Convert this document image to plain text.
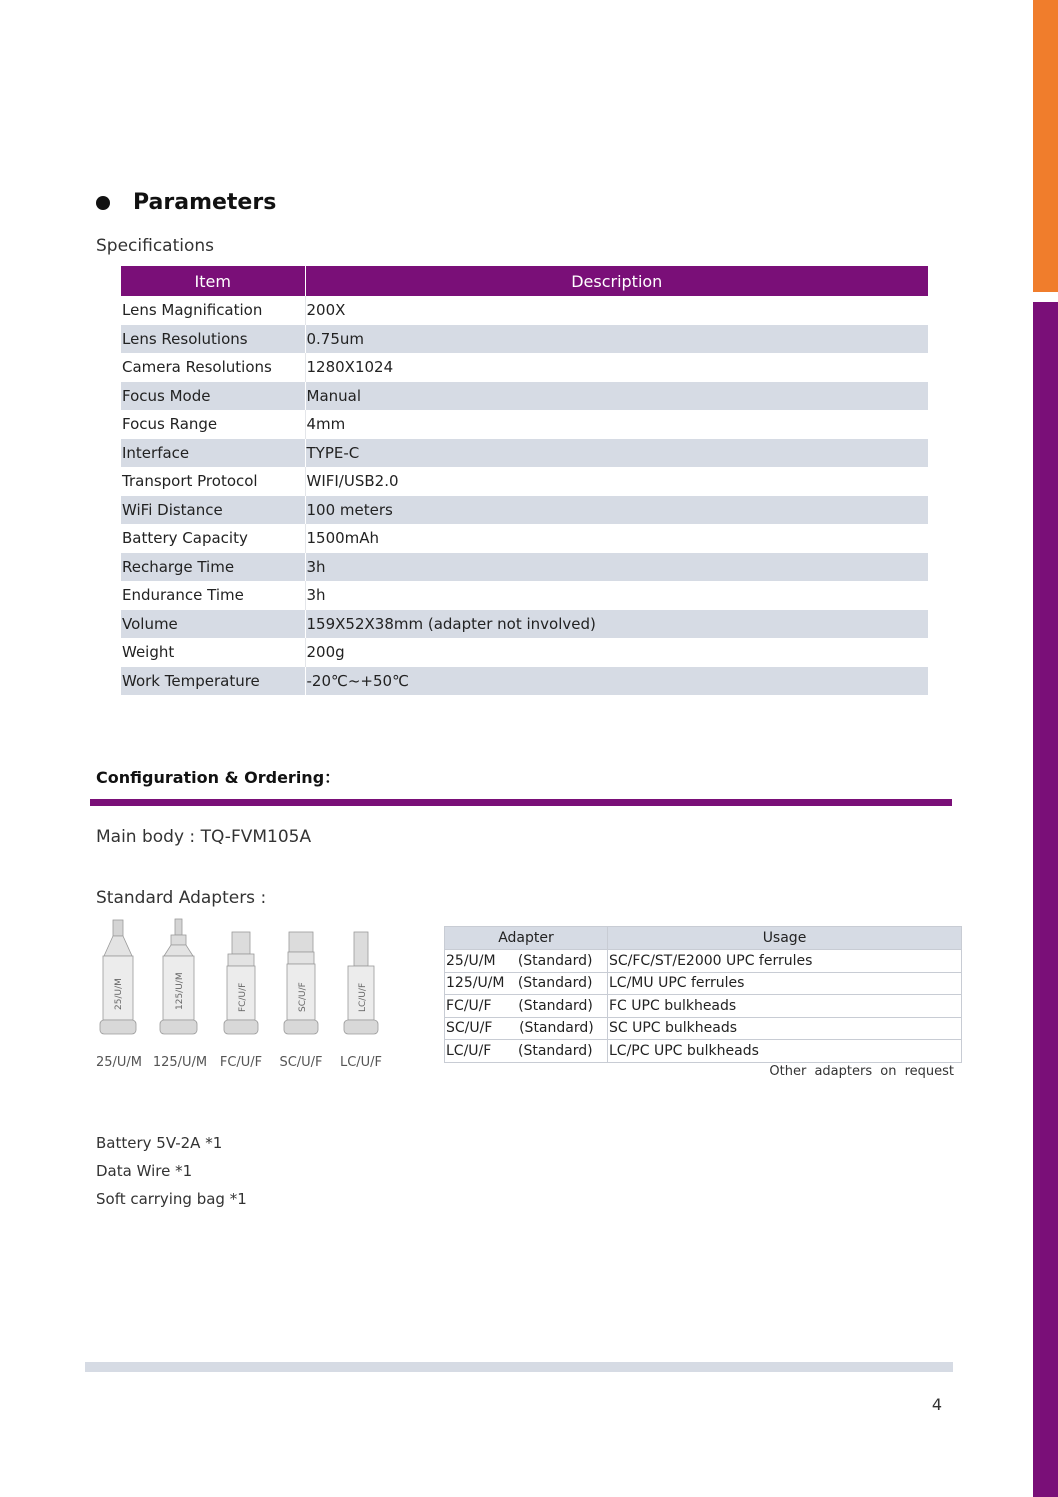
Parameters
Specifications
Item	Description
Lens Magnification	200X
Lens Resolutions	0.75um
Camera Resolutions	1280X1024
Focus Mode	Manual
Focus Range	4mm
Interface	TYPE-C
Transport Protocol	WIFI/USB2.0
WiFi Distance	100 meters
Battery Capacity	1500mAh
Recharge Time	3h
Endurance Time	3h
Volume	159X52X38mm (adapter not involved)
Weight	200g
Work Temperature	-20℃~+50℃
Configuration & Ordering：
Main body : TQ-FVM105A
Standard Adapters :
25/U/M	125/U/M	FC/U/F	SC/U/F	LC/U/F
25/U/M 125/U/M FC/U/F SC/U/F LC/U/F
Adapter	Usage
25/U/M     (Standard)	SC/FC/ST/E2000 UPC ferrules
125/U/M   (Standard)	LC/MU UPC ferrules
FC/U/F      (Standard)	FC UPC bulkheads
SC/U/F      (Standard)	SC UPC bulkheads
LC/U/F      (Standard)	LC/PC UPC bulkheads
Other adapters on request
Battery 5V-2A *1
Data Wire *1
Soft carrying bag *1
4
